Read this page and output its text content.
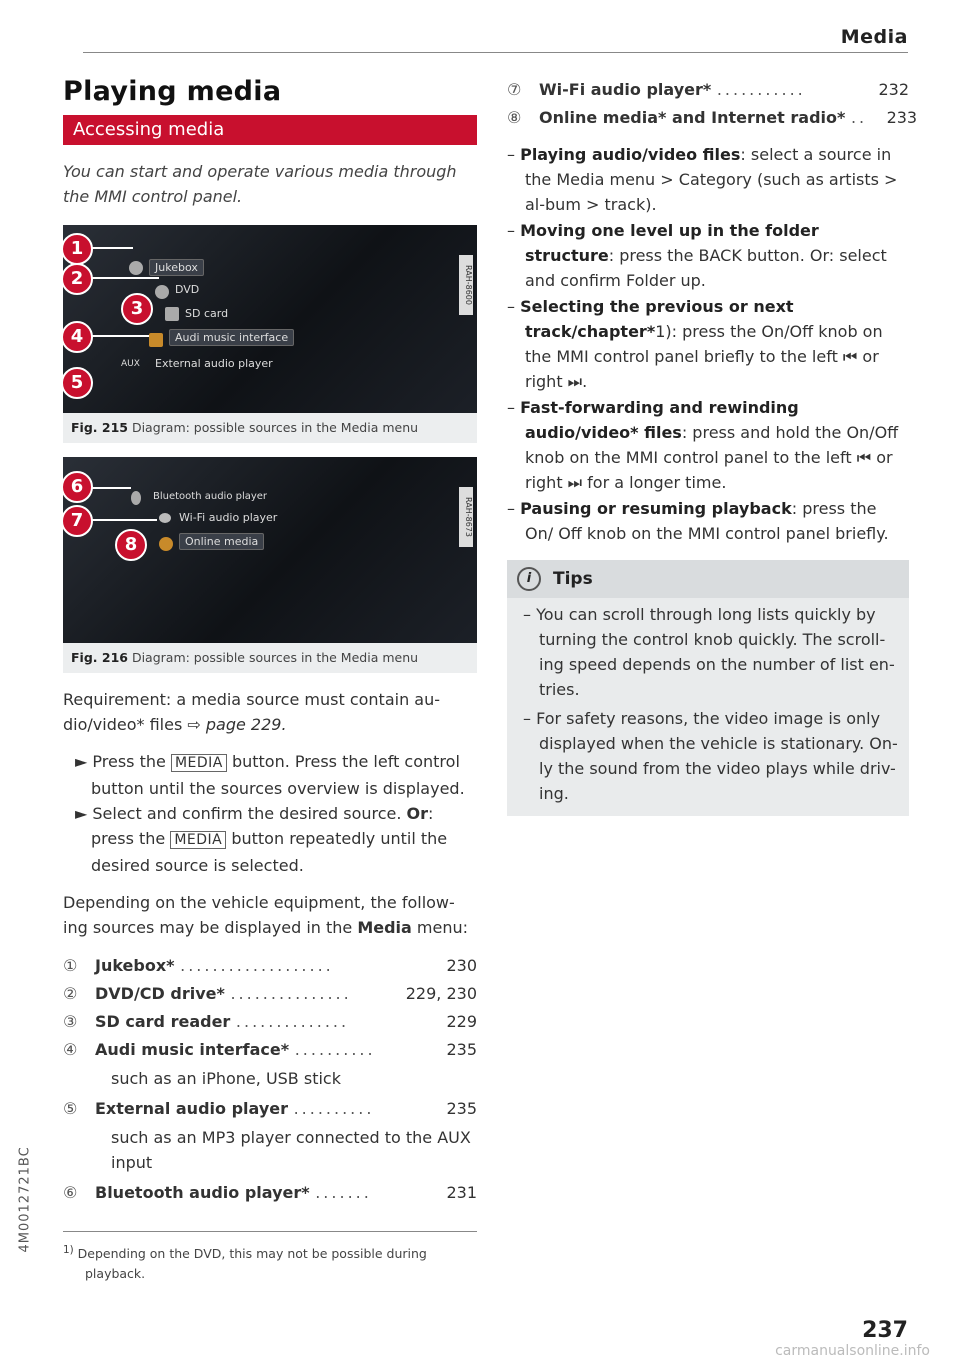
Media
4M0012721BC
Playing media
Accessing media

You can start and operate various media through the MMI control panel.

RAH-8600
Jukebox
DVD
SD card
Audi music interface
AUX External audio player
1
2
3
4
5
Fig. 215 Diagram: possible sources in the Media menu
RAH-8673
Bluetooth audio player
Wi-Fi audio player
Online media
6
7
8
Fig. 216 Diagram: possible sources in the Media menu

Requirement: a media source must contain au-dio/video* files ⇨ page 229.

► Press the MEDIA button. Press the left control button until the sources overview is displayed.

► Select and confirm the desired source. Or: press the MEDIA button repeatedly until the desired source is selected.

Depending on the vehicle equipment, the follow-ing sources may be displayed in the Media menu:

①	Jukebox* ...................	230
②	DVD/CD drive* ...............	229, 230
③	SD card reader ..............	229
④	Audi music interface* ..........	235
such as an iPhone, USB stick
⑤	External audio player ..........	235
such as an MP3 player connected to the AUX input
⑥	Bluetooth audio player* .......	231
$^{1)}$ Depending on the DVD, this may not be possible during playback.
⑦	Wi-Fi audio player* ...........	232
⑧	Online media* and Internet radio* ..	233
– Playing audio/video files: select a source in the Media menu > Category (such as artists > al-bum > track).
– Moving one level up in the folder structure: press the BACK button. Or: select and confirm Folder up.
– Selecting the previous or next track/chapter*1): press the On/Off knob on the MMI control panel briefly to the left ⏮ or right ⏭.
– Fast-forwarding and rewinding audio/video* files: press and hold the On/Off knob on the MMI control panel to the left ⏮ or right ⏭ for a longer time.
– Pausing or resuming playback: press the On/ Off knob on the MMI control panel briefly.
i	Tips
– You can scroll through long lists quickly by turning the control knob quickly. The scroll-ing speed depends on the number of list en-tries.
– For safety reasons, the video image is only displayed when the vehicle is stationary. On-ly the sound from the video plays while driv-ing.
237
carmanualsonline.info
